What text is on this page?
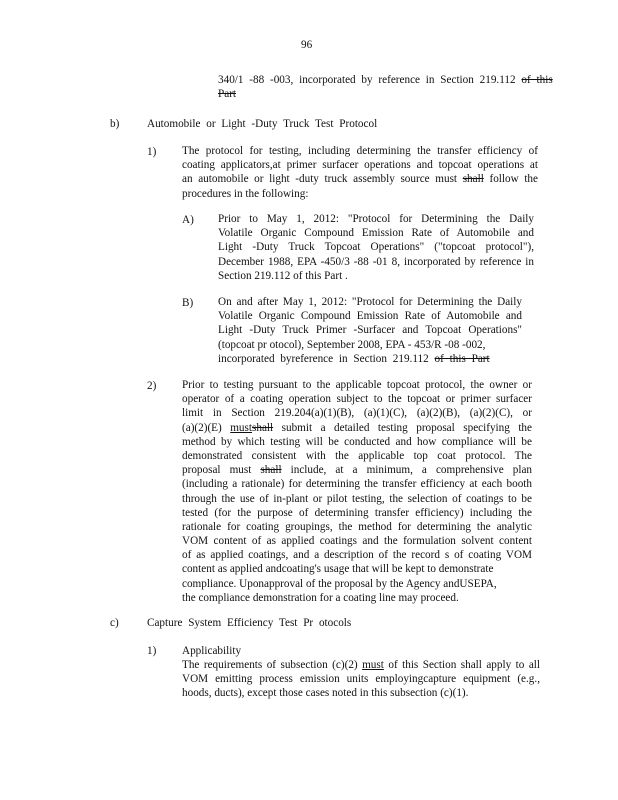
96
340/1 -88 -003, incorporated by reference in Section 219.112 of this
Part
b) Automobile or Light -Duty Truck Test Protocol
1) The protocol for testing, including determining the transfer efficiency of

coating applicators,at primer surfacer operations and topcoat operations at

an automobile or light -duty truck assembly source must shall follow the

procedures in the following:

A) Prior to May 1, 2012: "Protocol for Determining the Daily

Volatile Organic Compound Emission Rate of Automobile and

Light -Duty Truck Topcoat Operations" ("topcoat protocol"),

December 1988, EPA -450/3 -88 -01 8, incorporated by reference in

Section 219.112 of this Part .

B) On and after May 1, 2012: "Protocol for Determining the Daily

Volatile Organic Compound Emission Rate of Automobile and

Light -Duty Truck Primer -Surfacer and Topcoat Operations"

(topcoat pr otocol), September 2008, EPA - 453/R -08 -002,

incorporated byreference in Section 219.112 of this Part

2) Prior to testing pursuant to the applicable topcoat protocol, the owner or

operator of a coating operation subject to the topcoat or primer surfacer

limit in Section 219.204(a)(1)(B), (a)(1)(C), (a)(2)(B), (a)(2)(C), or

(a)(2)(E) mustshall submit a detailed testing proposal specifying the

method by which testing will be conducted and how compliance will be

demonstrated consistent with the applicable top coat protocol. The

proposal must shall include, at a minimum, a comprehensive plan

(including a rationale) for determining the transfer efficiency at each booth

through the use of in-plant or pilot testing, the selection of coatings to be

tested (for the purpose of determining transfer efficiency) including the

rationale for coating groupings, the method for determining the analytic

VOM content of as applied coatings and the formulation solvent content

of as applied coatings, and a description of the record s of coating VOM

content as applied andcoating's usage that will be kept to demonstrate

compliance. Uponapproval of the proposal by the Agency andUSEPA,

the compliance demonstration for a coating line may proceed.

c)	Capture System Efficiency Test Pr otocols
1) Applicability

The requirements of subsection (c)(2) must of this Section shall apply to all

VOM emitting process emission units employingcapture equipment (e.g.,

hoods, ducts), except those cases noted in this subsection (c)(1).
